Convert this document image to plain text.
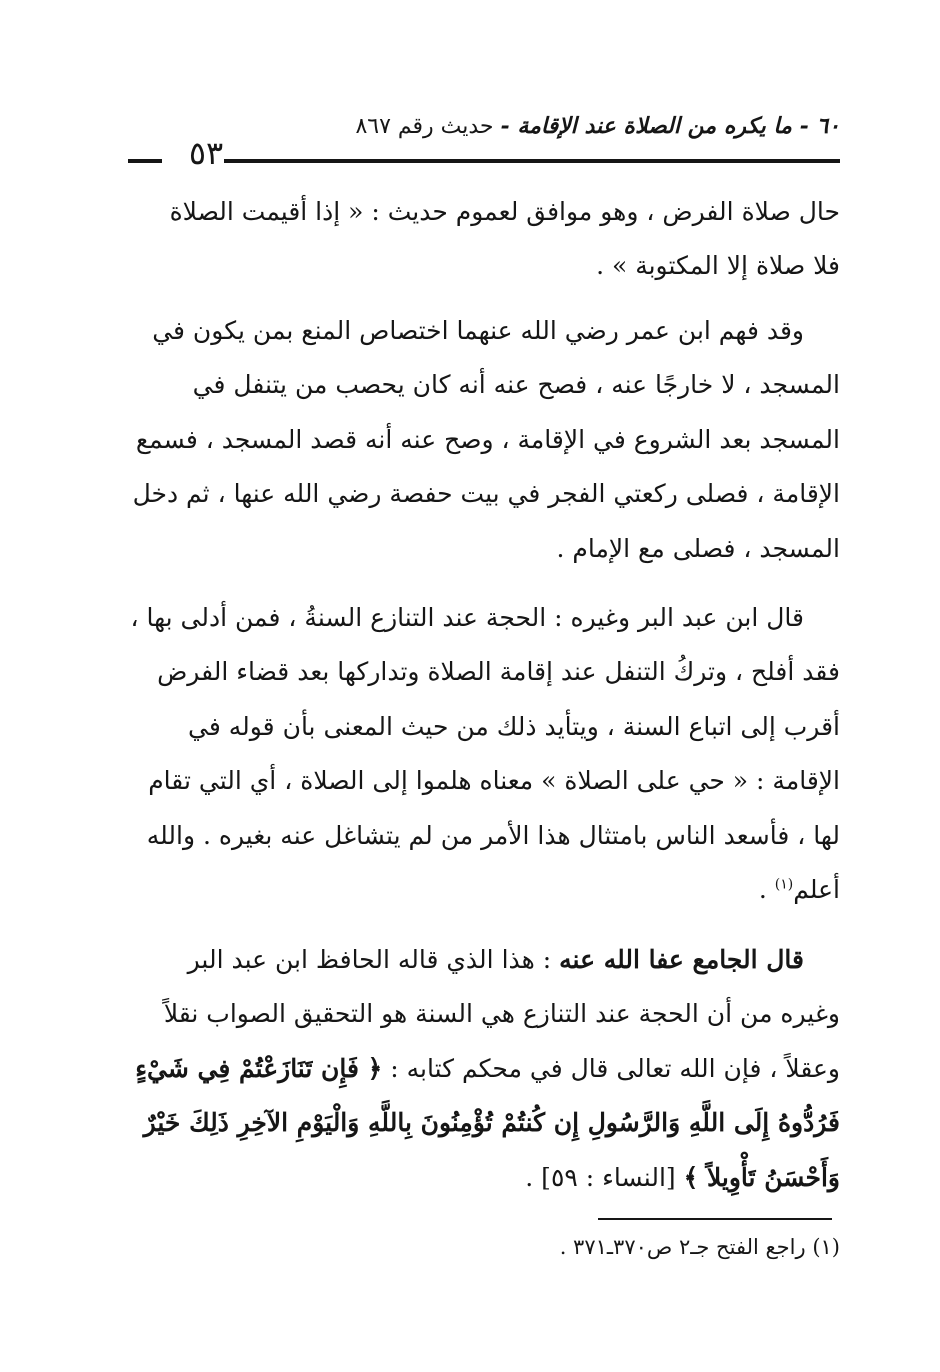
٥٣
٦٠ - ما يكره من الصلاة عند الإقامة - حديث رقم ٨٦٧

حال صلاة الفرض ، وهو موافق لعموم حديث : « إذا أقيمت الصلاة

فلا صلاة إلا المكتوبة » .

وقد فهم ابن عمر رضي الله عنهما اختصاص المنع بمن يكون في

المسجد ، لا خارجًا عنه ، فصح عنه أنه كان يحصب من يتنفل في

المسجد بعد الشروع في الإقامة ، وصح عنه أنه قصد المسجد ، فسمع

الإقامة ، فصلى ركعتي الفجر في بيت حفصة رضي الله عنها ، ثم دخل

المسجد ، فصلى مع الإمام .

قال ابن عبد البر وغيره : الحجة عند التنازع السنةُ ، فمن أدلى بها ،

فقد أفلح ، وتركُ التنفل عند إقامة الصلاة وتداركها بعد قضاء الفرض

أقرب إلى اتباع السنة ، ويتأيد ذلك من حيث المعنى بأن قوله في

الإقامة : « حي على الصلاة » معناه هلموا إلى الصلاة ، أي التي تقام

لها ، فأسعد الناس بامتثال هذا الأمر من لم يتشاغل عنه بغيره . والله

أعلم$^{(١)}$ .

قال الجامع عفا الله عنه : هذا الذي قاله الحافظ ابن عبد البر

وغيره من أن الحجة عند التنازع هي السنة هو التحقيق الصواب نقلاً

وعقلاً ، فإن الله تعالى قال في محكم كتابه : ﴿ فَإِن تَنَازَعْتُمْ فِي شَيْءٍ

فَرُدُّوهُ إِلَى اللَّهِ وَالرَّسُولِ إِن كُنتُمْ تُؤْمِنُونَ بِاللَّهِ وَالْيَوْمِ الآخِرِ ذَلِكَ خَيْرٌ

وَأَحْسَنُ تَأْوِيلاً ﴾ [النساء : ٥٩] .

(١) راجع الفتح جـ٢ ص٣٧٠ـ٣٧١ .
